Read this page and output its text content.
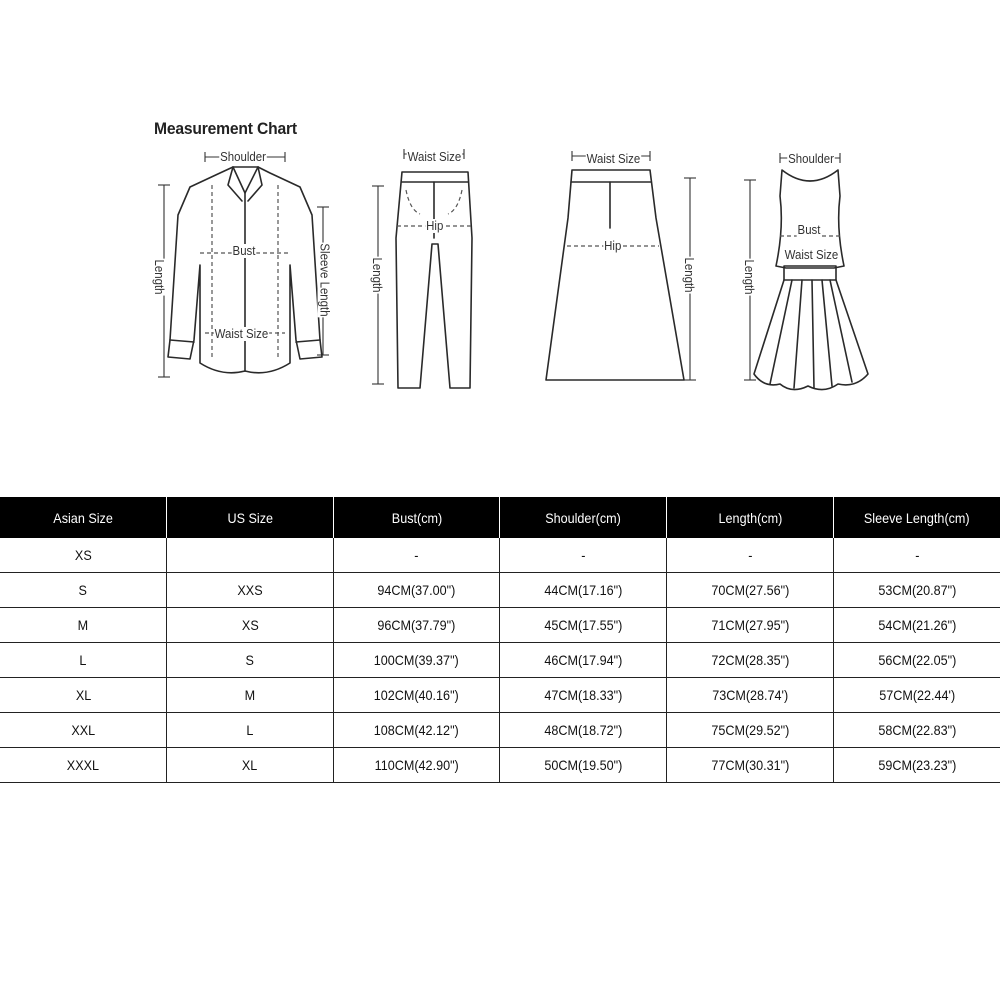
Measurement Chart
Shoulder
Bust
Waist Size
Length	Sleeve Length
Waist Size
Hip
Length
Waist Size
Hip
Length
Shoulder
Bust
Waist Size
Length
Asian Size	US Size	Bust(cm)	Shoulder(cm)	Length(cm)	Sleeve Length(cm)
XS		-	-	-	-
S	XXS	94CM(37.00")	44CM(17.16")	70CM(27.56")	53CM(20.87")
M	XS	96CM(37.79")	45CM(17.55")	71CM(27.95")	54CM(21.26")
L	S	100CM(39.37")	46CM(17.94")	72CM(28.35")	56CM(22.05")
XL	M	102CM(40.16")	47CM(18.33")	73CM(28.74')	57CM(22.44')
XXL	L	108CM(42.12")	48CM(18.72")	75CM(29.52")	58CM(22.83")
XXXL	XL	110CM(42.90")	50CM(19.50")	77CM(30.31")	59CM(23.23")
